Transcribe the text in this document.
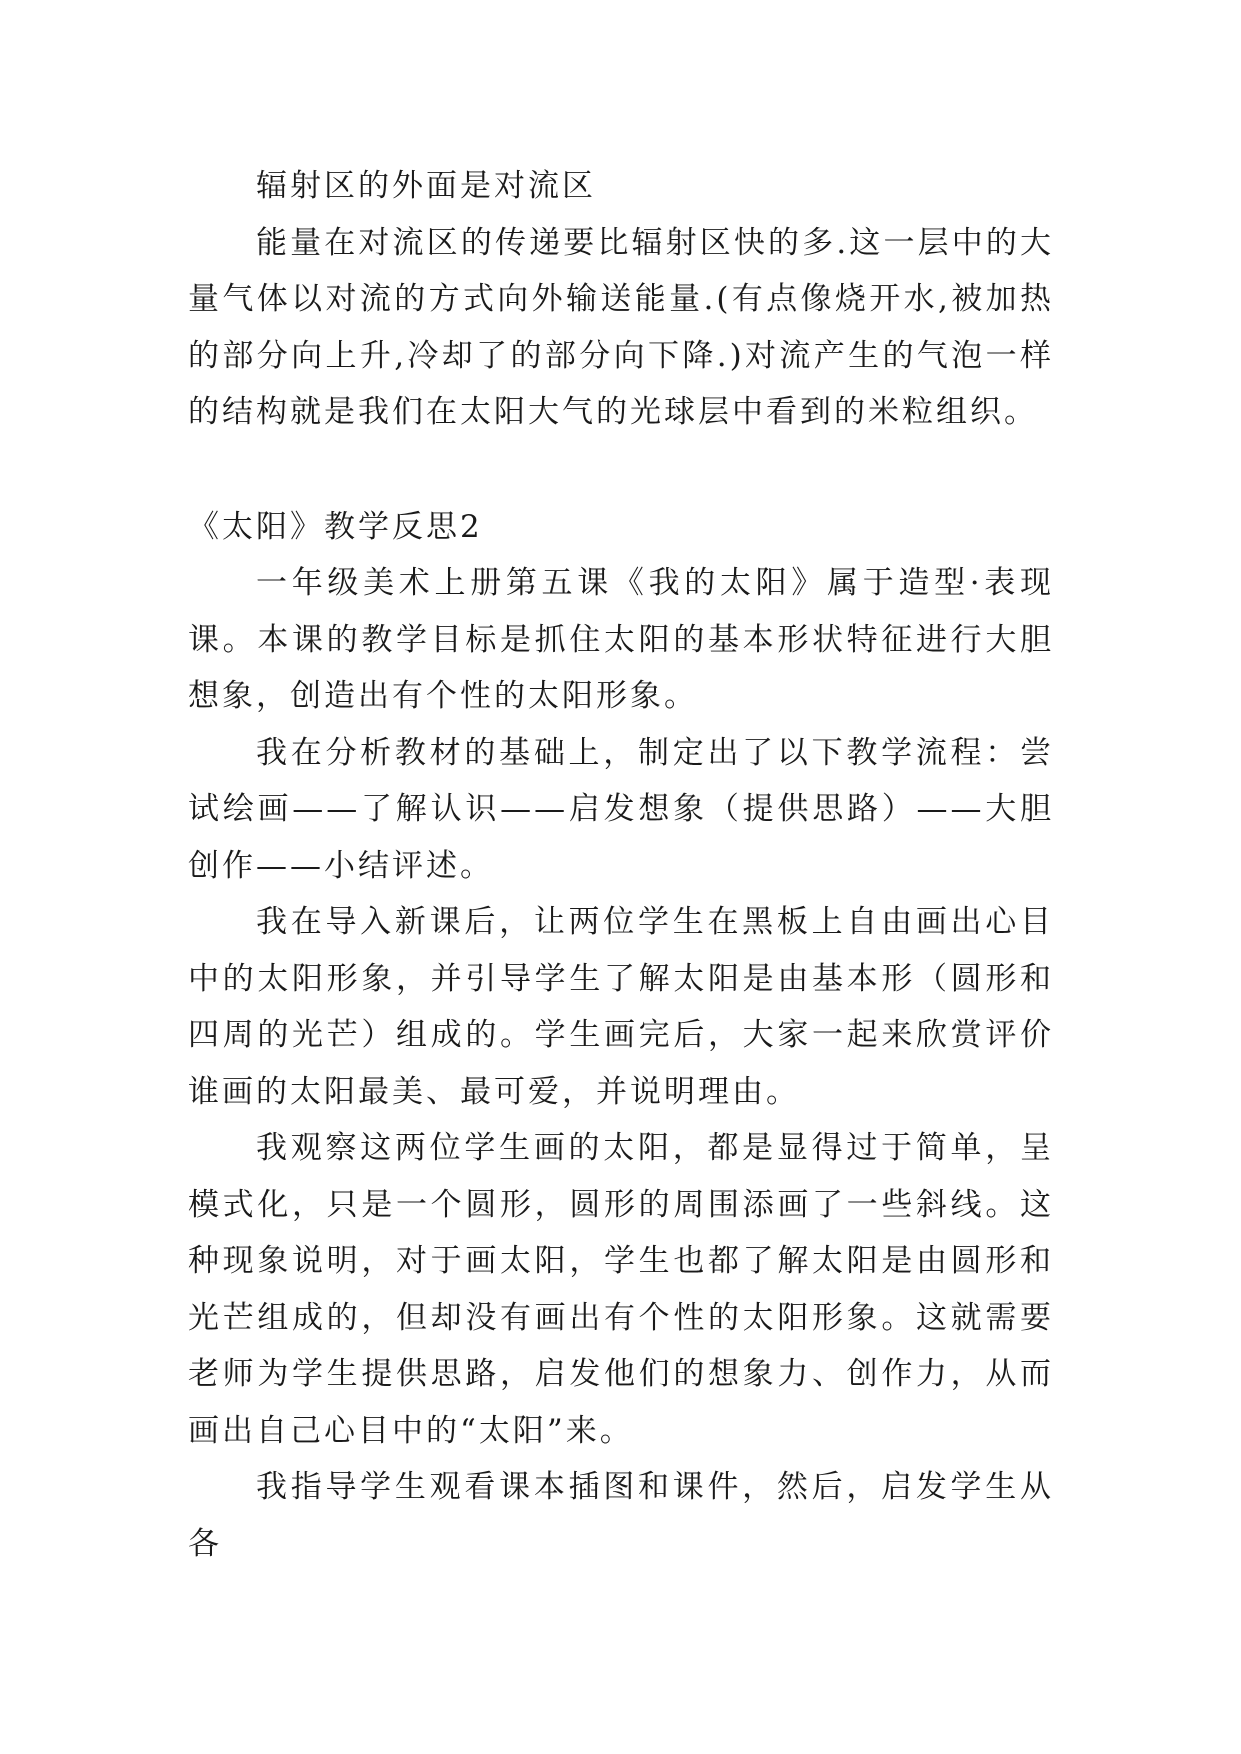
辐射区的外面是对流区

能量在对流区的传递要比辐射区快的多.这一层中的大量气体以对流的方式向外输送能量.(有点像烧开水,被加热的部分向上升,冷却了的部分向下降.)对流产生的气泡一样的结构就是我们在太阳大气的光球层中看到的米粒组织。

《太阳》教学反思2

一年级美术上册第五课《我的太阳》属于造型·表现课。本课的教学目标是抓住太阳的基本形状特征进行大胆想象，创造出有个性的太阳形象。

我在分析教材的基础上，制定出了以下教学流程：尝试绘画——了解认识——启发想象（提供思路）——大胆创作——小结评述。

我在导入新课后，让两位学生在黑板上自由画出心目中的太阳形象，并引导学生了解太阳是由基本形（圆形和四周的光芒）组成的。学生画完后，大家一起来欣赏评价谁画的太阳最美、最可爱，并说明理由。

我观察这两位学生画的太阳，都是显得过于简单，呈模式化，只是一个圆形，圆形的周围添画了一些斜线。这种现象说明，对于画太阳，学生也都了解太阳是由圆形和光芒组成的，但却没有画出有个性的太阳形象。这就需要老师为学生提供思路，启发他们的想象力、创作力，从而画出自己心目中的“太阳”来。

我指导学生观看课本插图和课件，然后，启发学生从各
